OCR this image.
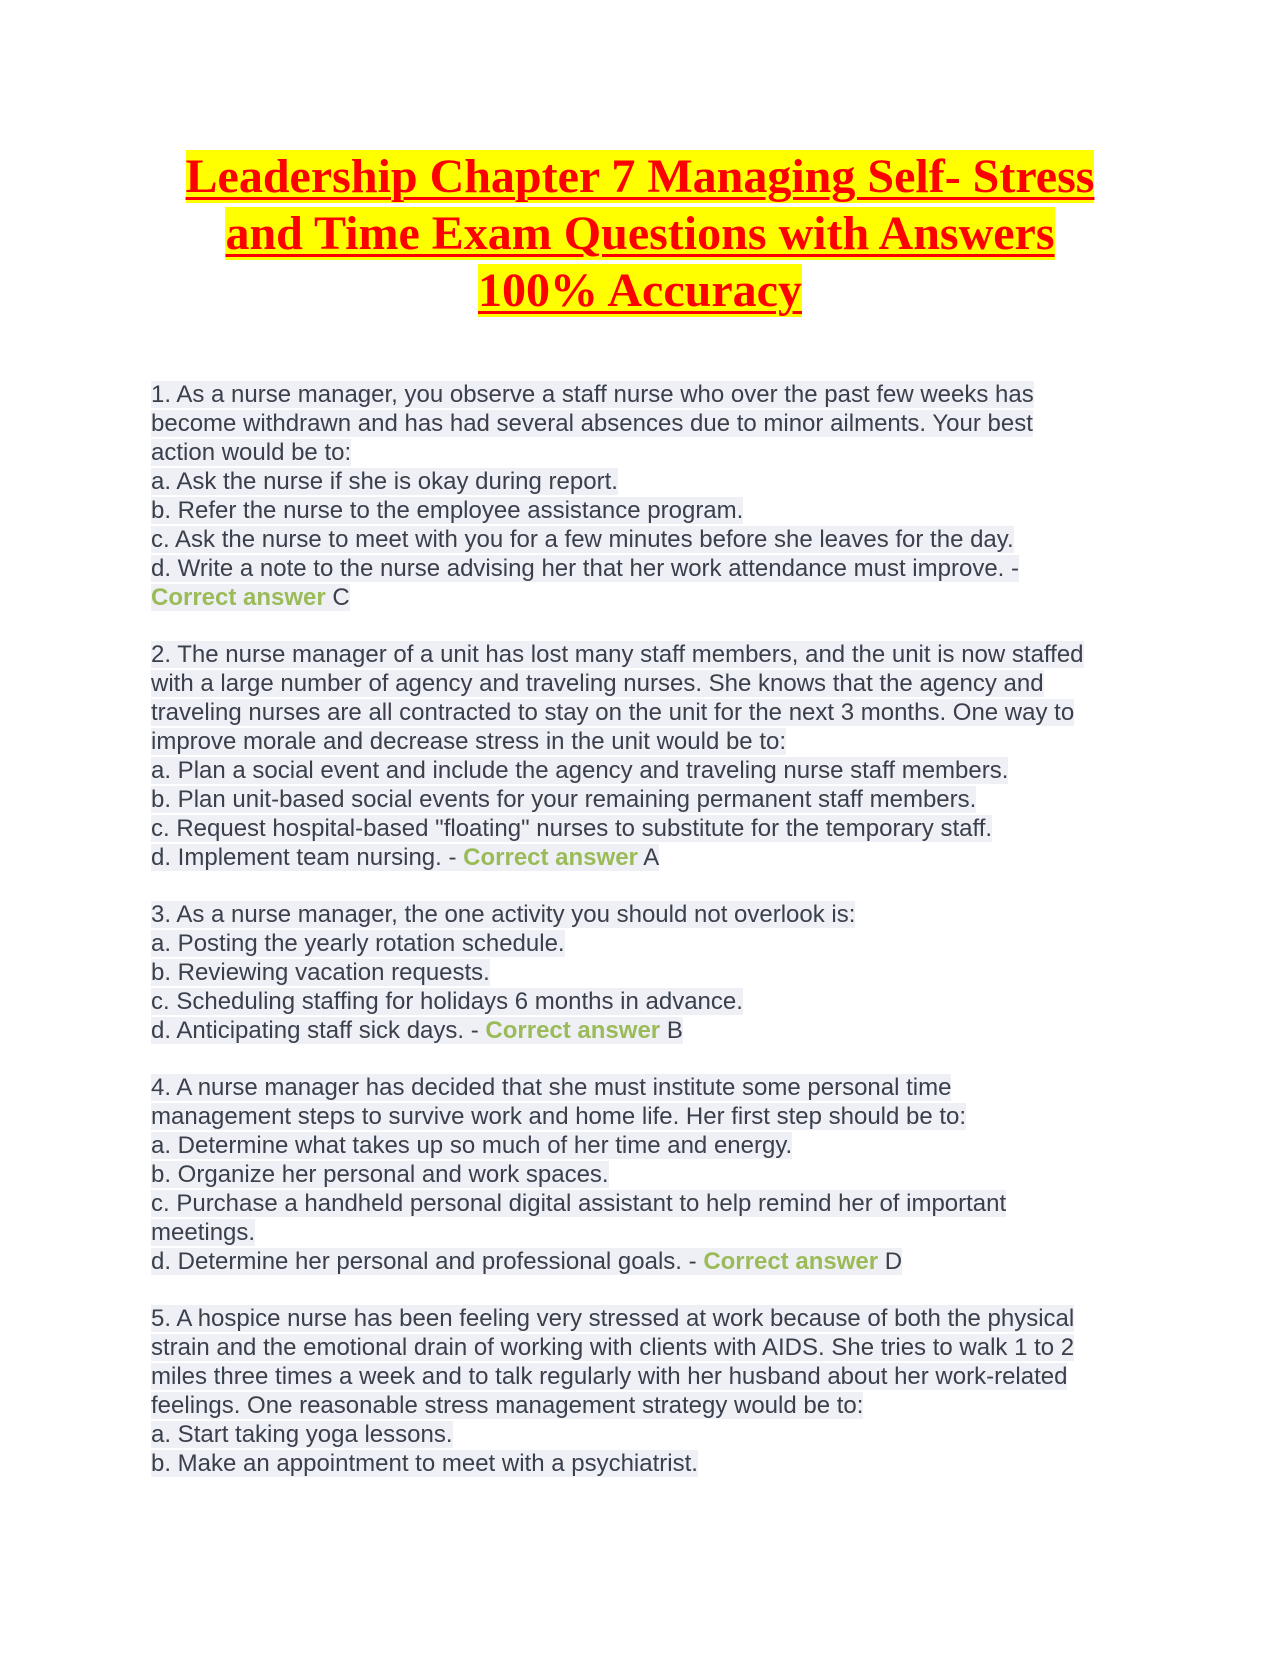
Leadership Chapter 7 Managing Self- Stress
and Time Exam Questions with Answers
100% Accuracy
1. As a nurse manager, you observe a staff nurse who over the past few weeks has
become withdrawn and has had several absences due to minor ailments. Your best
action would be to:
a. Ask the nurse if she is okay during report.
b. Refer the nurse to the employee assistance program.
c. Ask the nurse to meet with you for a few minutes before she leaves for the day.
d. Write a note to the nurse advising her that her work attendance must improve. -
Correct answer C
2. The nurse manager of a unit has lost many staff members, and the unit is now staffed
with a large number of agency and traveling nurses. She knows that the agency and
traveling nurses are all contracted to stay on the unit for the next 3 months. One way to
improve morale and decrease stress in the unit would be to:
a. Plan a social event and include the agency and traveling nurse staff members.
b. Plan unit-based social events for your remaining permanent staff members.
c. Request hospital-based "floating" nurses to substitute for the temporary staff.
d. Implement team nursing. - Correct answer A
3. As a nurse manager, the one activity you should not overlook is:
a. Posting the yearly rotation schedule.
b. Reviewing vacation requests.
c. Scheduling staffing for holidays 6 months in advance.
d. Anticipating staff sick days. - Correct answer B
4. A nurse manager has decided that she must institute some personal time
management steps to survive work and home life. Her first step should be to:
a. Determine what takes up so much of her time and energy.
b. Organize her personal and work spaces.
c. Purchase a handheld personal digital assistant to help remind her of important
meetings.
d. Determine her personal and professional goals. - Correct answer D
5. A hospice nurse has been feeling very stressed at work because of both the physical
strain and the emotional drain of working with clients with AIDS. She tries to walk 1 to 2
miles three times a week and to talk regularly with her husband about her work-related
feelings. One reasonable stress management strategy would be to:
a. Start taking yoga lessons.
b. Make an appointment to meet with a psychiatrist.
